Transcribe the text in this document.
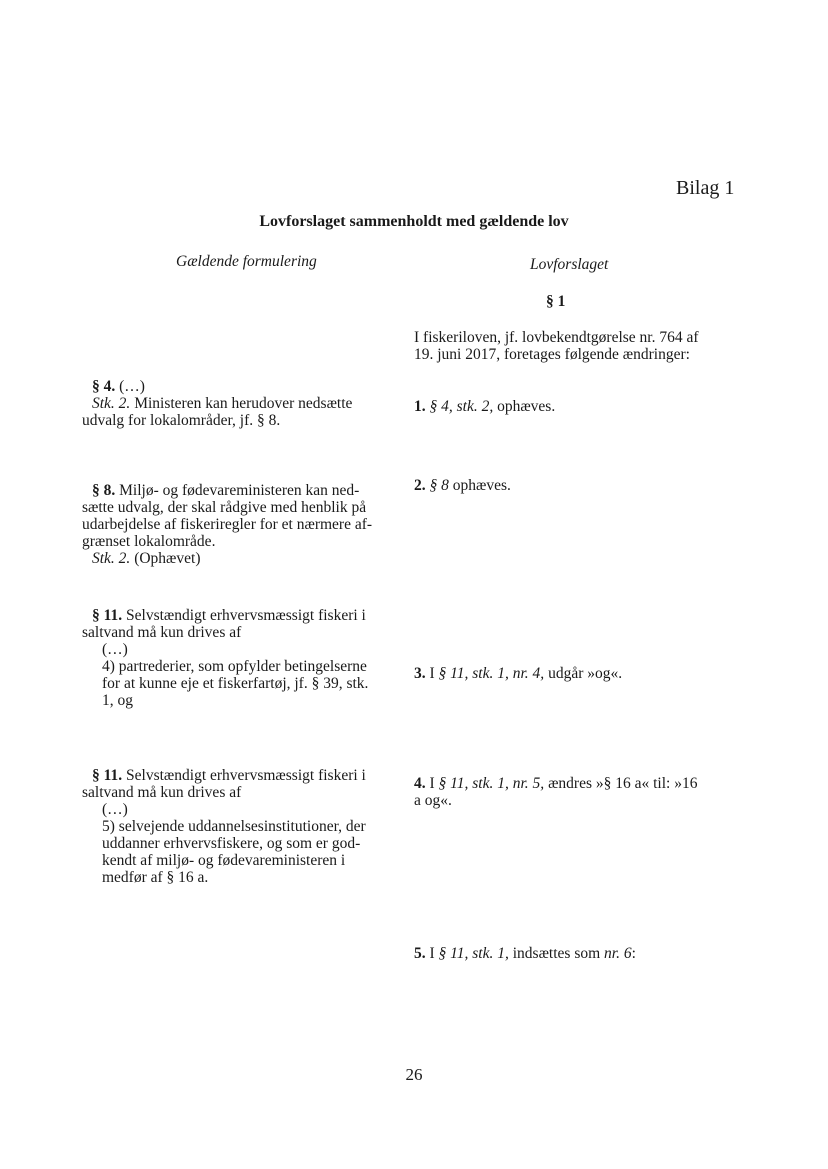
Bilag 1
Lovforslaget sammenholdt med gældende lov
Gældende formulering	Lovforslaget
§ 1

I fiskeriloven, jf. lovbekendtgørelse nr. 764 af

19. juni 2017, foretages følgende ændringer:

§ 4. (…)

Stk. 2. Ministeren kan herudover nedsætte

udvalg for lokalområder, jf. § 8.

§ 8. Miljø- og fødevareministeren kan ned-

sætte udvalg, der skal rådgive med henblik på

udarbejdelse af fiskeriregler for et nærmere af-

grænset lokalområde.

Stk. 2. (Ophævet)

§ 11. Selvstændigt erhvervsmæssigt fiskeri i

saltvand må kun drives af

(…)

4) partrederier, som opfylder betingelserne

for at kunne eje et fiskerfartøj, jf. § 39, stk.

1, og

§ 11. Selvstændigt erhvervsmæssigt fiskeri i

saltvand må kun drives af

(…)

5) selvejende uddannelsesinstitutioner, der

uddanner erhvervsfiskere, og som er god-

kendt af miljø- og fødevareministeren i

medfør af § 16 a.

1. § 4, stk. 2, ophæves.

2. § 8 ophæves.

3. I § 11, stk. 1, nr. 4, udgår »og«.

4. I § 11, stk. 1, nr. 5, ændres »§ 16 a« til: »16

a og«.

5. I § 11, stk. 1, indsættes som nr. 6:

26
